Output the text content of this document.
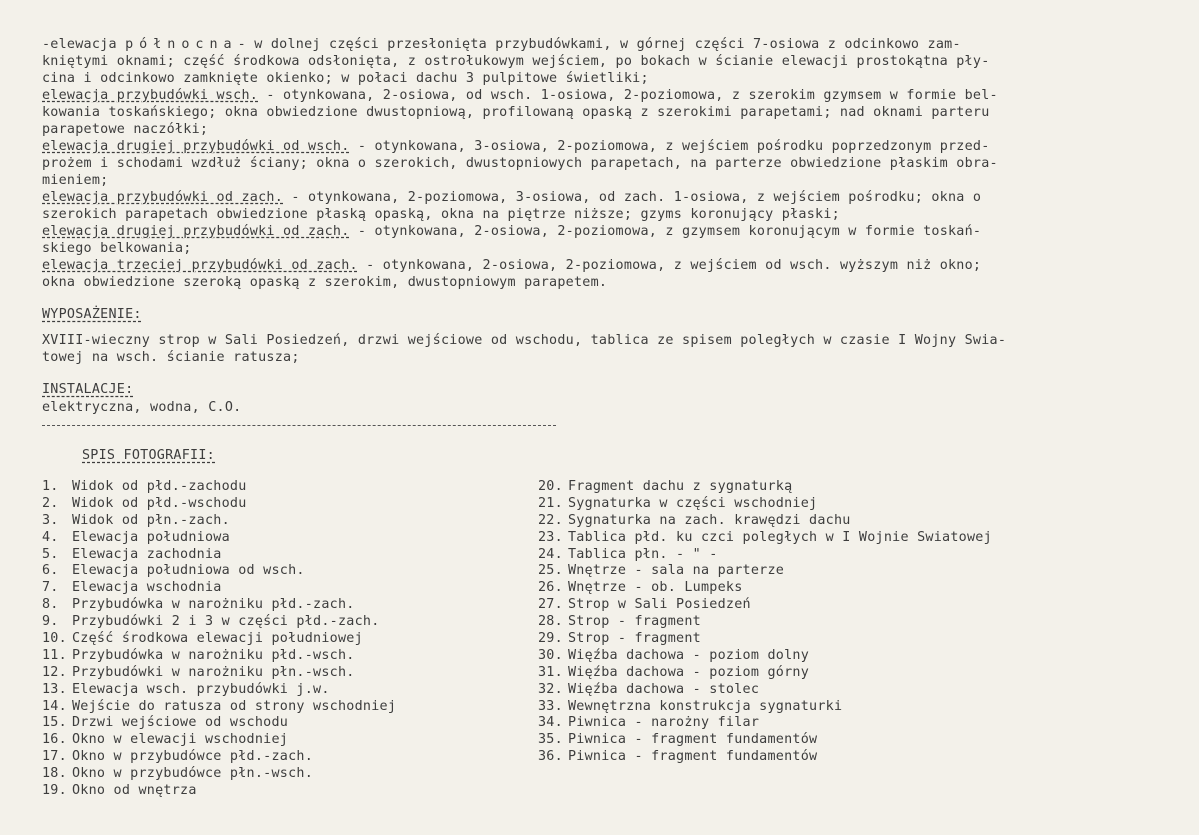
-elewacja północna- w dolnej części przesłonięta przybudówkami, w górnej części 7-osiowa z odcinkowo zam-
kniętymi oknami; część środkowa odsłonięta, z ostrołukowym wejściem, po bokach w ścianie elewacji prostokątna pły-
cina i odcinkowo zamknięte okienko; w połaci dachu 3 pulpitowe świetliki;
elewacja przybudówki wsch. - otynkowana, 2-osiowa, od wsch. 1-osiowa, 2-poziomowa, z szerokim gzymsem w formie bel-
kowania toskańskiego; okna obwiedzione dwustopniową, profilowaną opaską z szerokimi parapetami; nad oknami parteru
parapetowe naczółki;
elewacja drugiej przybudówki od wsch. - otynkowana, 3-osiowa, 2-poziomowa, z wejściem pośrodku poprzedzonym przed-
prożem i schodami wzdłuż ściany; okna o szerokich, dwustopniowych parapetach, na parterze obwiedzione płaskim obra-
mieniem;
elewacja przybudówki od zach. - otynkowana, 2-poziomowa, 3-osiowa, od zach. 1-osiowa, z wejściem pośrodku; okna o
szerokich parapetach obwiedzione płaską opaską, okna na piętrze niższe; gzyms koronujący płaski;
elewacja drugiej przybudówki od zach. - otynkowana, 2-osiowa, 2-poziomowa, z gzymsem koronującym w formie toskań-
skiego belkowania;
elewacja trzeciej przybudówki od zach. - otynkowana, 2-osiowa, 2-poziomowa, z wejściem od wsch. wyższym niż okno;
okna obwiedzione szeroką opaską z szerokim, dwustopniowym parapetem.
WYPOSAŻENIE:
XVIII-wieczny strop w Sali Posiedzeń, drzwi wejściowe od wschodu, tablica ze spisem poległych w czasie I Wojny Swia-
towej na wsch. ścianie ratusza;
INSTALACJE:
elektryczna, wodna, C.O.
SPIS FOTOGRAFII:
1. Widok od płd.-zachodu
2. Widok od płd.-wschodu
3. Widok od płn.-zach.
4. Elewacja południowa
5. Elewacja zachodnia
6. Elewacja południowa od wsch.
7. Elewacja wschodnia
8. Przybudówka w narożniku płd.-zach.
9. Przybudówki 2 i 3 w części płd.-zach.
10. Część środkowa elewacji południowej
11. Przybudówka w narożniku płd.-wsch.
12. Przybudówki w narożniku płn.-wsch.
13. Elewacja wsch. przybudówki j.w.
14. Wejście do ratusza od strony wschodniej
15. Drzwi wejściowe od wschodu
16. Okno w elewacji wschodniej
17. Okno w przybudówce płd.-zach.
18. Okno w przybudówce płn.-wsch.
19. Okno od wnętrza
20. Fragment dachu z sygnaturką
21. Sygnaturka w części wschodniej
22. Sygnaturka na zach. krawędzi dachu
23. Tablica płd. ku czci poległych w I Wojnie Swiatowej
24. Tablica płn. - " -
25. Wnętrze - sala na parterze
26. Wnętrze - ob. Lumpeks
27. Strop w Sali Posiedzeń
28. Strop - fragment
29. Strop - fragment
30. Więźba dachowa - poziom dolny
31. Więźba dachowa - poziom górny
32. Więźba dachowa - stolec
33. Wewnętrzna konstrukcja sygnaturki
34. Piwnica - narożny filar
35. Piwnica - fragment fundamentów
36. Piwnica - fragment fundamentów
